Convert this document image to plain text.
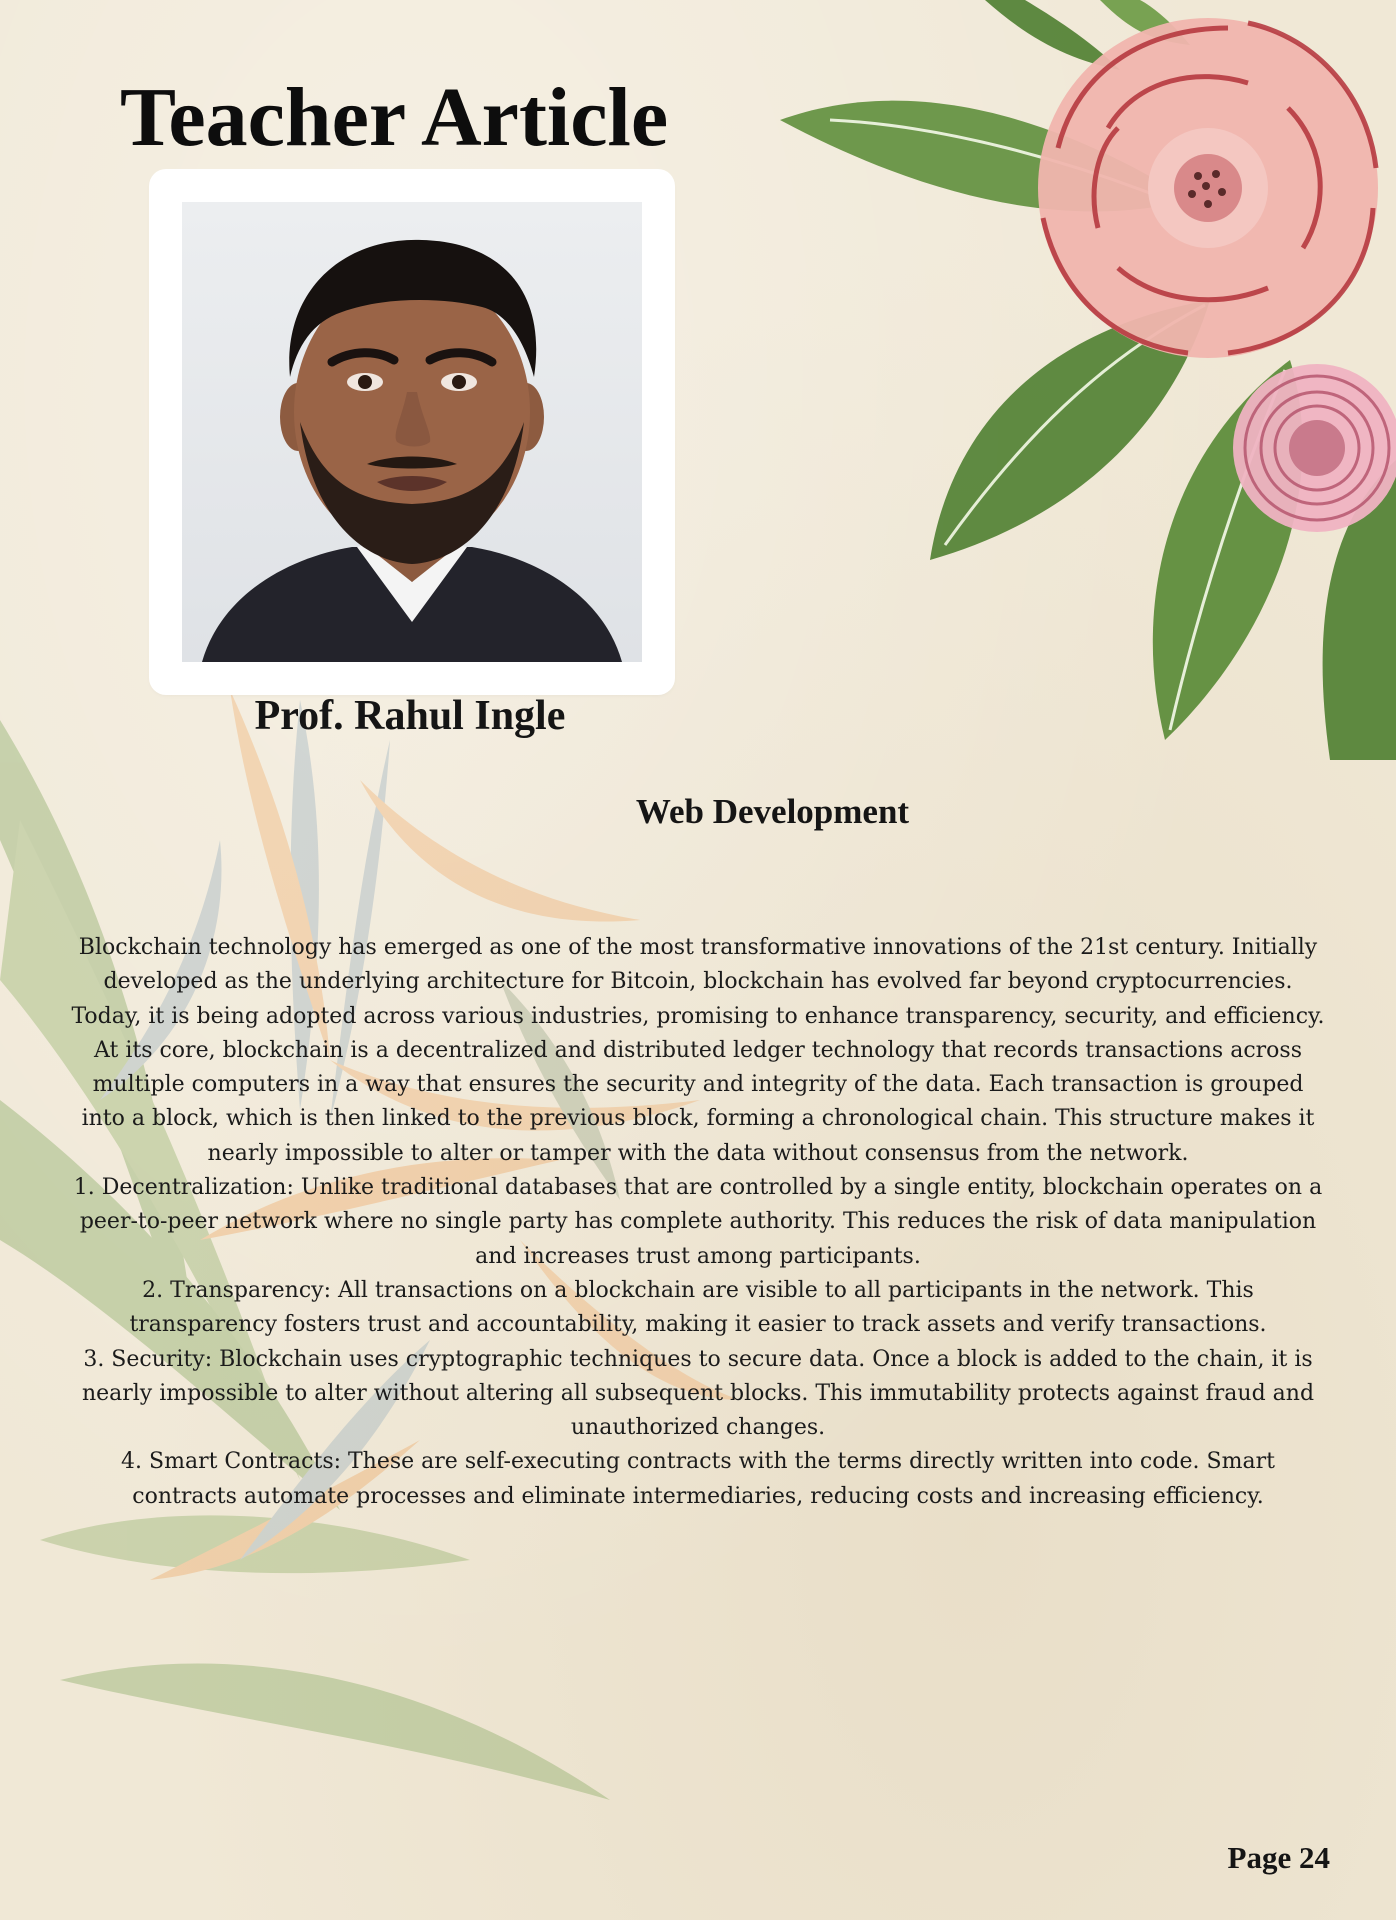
Teacher Article
Prof. Rahul Ingle
Web Development

Blockchain technology has emerged as one of the most transformative innovations of the 21st century. Initially developed as the underlying architecture for Bitcoin, blockchain has evolved far beyond cryptocurrencies. Today, it is being adopted across various industries, promising to enhance transparency, security, and efficiency.

At its core, blockchain is a decentralized and distributed ledger technology that records transactions across multiple computers in a way that ensures the security and integrity of the data. Each transaction is grouped into a block, which is then linked to the previous block, forming a chronological chain. This structure makes it nearly impossible to alter or tamper with the data without consensus from the network.

1. Decentralization: Unlike traditional databases that are controlled by a single entity, blockchain operates on a peer-to-peer network where no single party has complete authority. This reduces the risk of data manipulation and increases trust among participants.

2. Transparency: All transactions on a blockchain are visible to all participants in the network. This transparency fosters trust and accountability, making it easier to track assets and verify transactions.

3. Security: Blockchain uses cryptographic techniques to secure data. Once a block is added to the chain, it is nearly impossible to alter without altering all subsequent blocks. This immutability protects against fraud and unauthorized changes.

4. Smart Contracts: These are self-executing contracts with the terms directly written into code. Smart contracts automate processes and eliminate intermediaries, reducing costs and increasing efficiency.

Page 24
